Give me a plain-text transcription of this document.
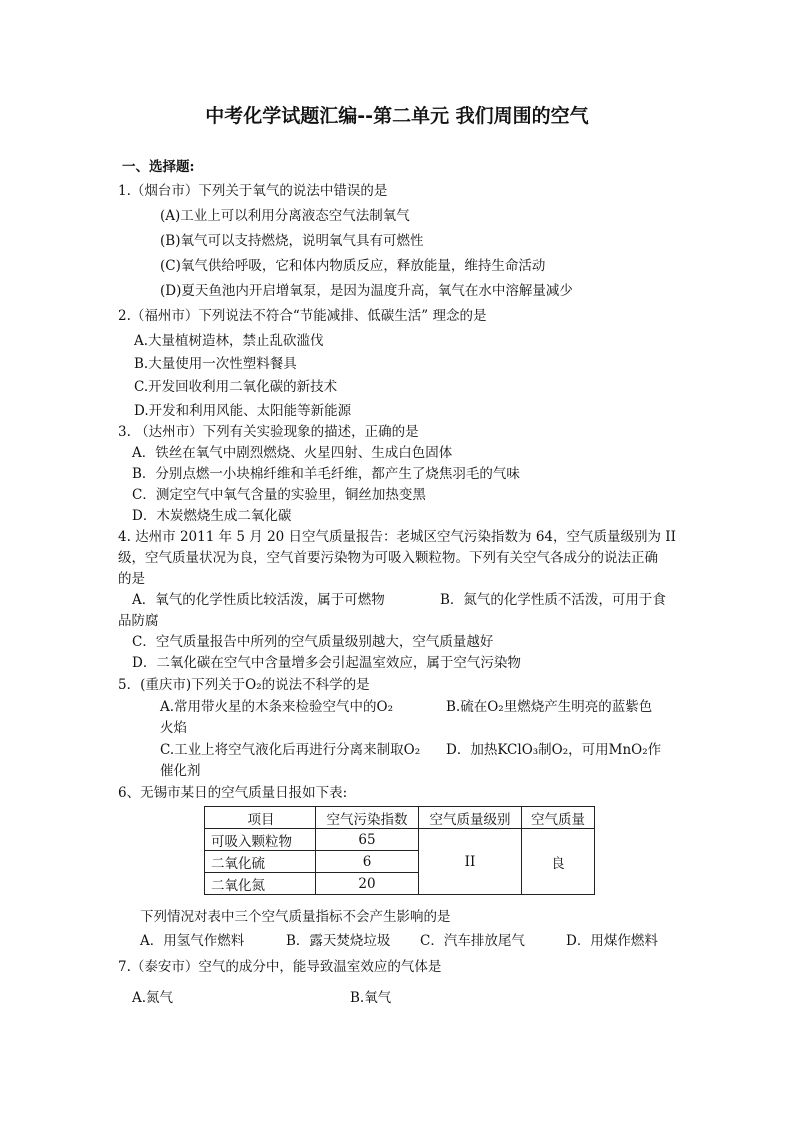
中考化学试题汇编--第二单元 我们周围的空气
一、选择题:
1.（烟台市）下列关于氧气的说法中错误的是
(A)工业上可以利用分离液态空气法制氧气
(B)氧气可以支持燃烧，说明氧气具有可燃性
(C)氧气供给呼吸，它和体内物质反应，释放能量，维持生命活动
(D)夏天鱼池内开启增氧泵，是因为温度升高，氧气在水中溶解量减少
2.（福州市）下列说法不符合“节能减排、低碳生活” 理念的是
A.大量植树造林，禁止乱砍滥伐
B.大量使用一次性塑料餐具
C.开发回收利用二氧化碳的新技术
D.开发和利用风能、太阳能等新能源
3. （达州市）下列有关实验现象的描述，正确的是
A．铁丝在氧气中剧烈燃烧、火星四射、生成白色固体
B．分别点燃一小块棉纤维和羊毛纤维，都产生了烧焦羽毛的气味
C．测定空气中氧气含量的实验里，铜丝加热变黑
D．木炭燃烧生成二氧化碳
4. 达州市 2011 年 5 月 20 日空气质量报告：老城区空气污染指数为 64，空气质量级别为 II
级，空气质量状况为良，空气首要污染物为可吸入颗粒物。下列有关空气各成分的说法正确
的是
A．氧气的化学性质比较活泼，属于可燃物	B．氮气的化学性质不活泼，可用于食
品防腐
C．空气质量报告中所列的空气质量级别越大，空气质量越好
D．二氧化碳在空气中含量增多会引起温室效应，属于空气污染物
5．(重庆市)下列关于O₂的说法不科学的是
A.常用带火星的木条来检验空气中的O₂	B.硫在O₂里燃烧产生明亮的蓝紫色
火焰
C.工业上将空气液化后再进行分离来制取O₂ D．加热KClO₃制O₂，可用MnO₂作
催化剂
6、无锡市某日的空气质量日报如下表:
项目	空气污染指数	空气质量级别	空气质量
可吸入颗粒物	65	II	良
二氧化硫	6		
二氧化氮	20		
下列情况对表中三个空气质量指标不会产生影响的是
A．用氢气作燃料	B．露天焚烧垃圾 C．汽车排放尾气	D．用煤作燃料
7.（泰安市）空气的成分中，能导致温室效应的气体是
A.氮气	B.氧气
